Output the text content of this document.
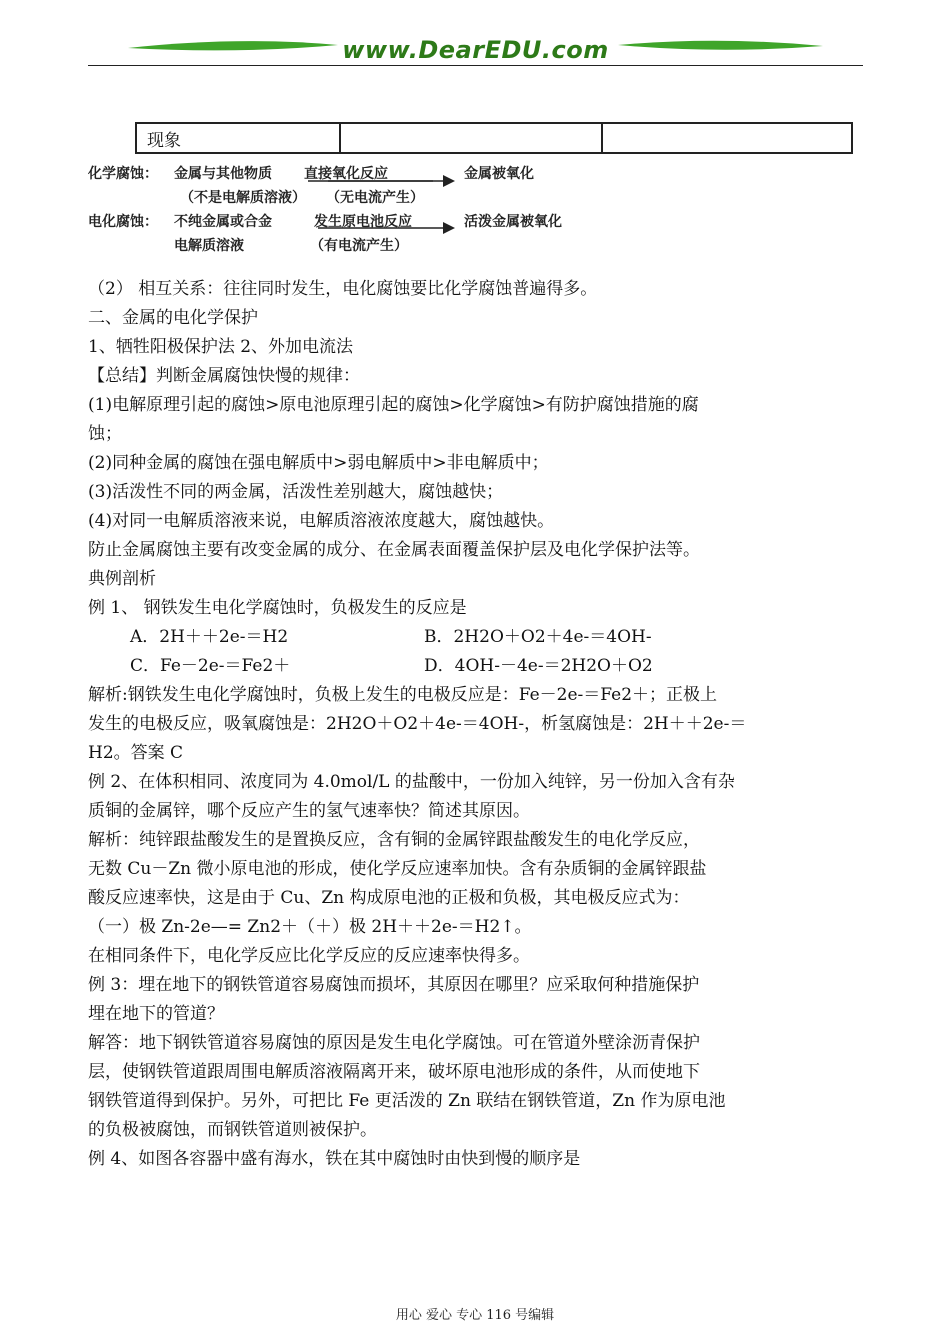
www.DearEDU.com
现象		
化学腐蚀： 金属与其他物质 直接氧化反应	金属被氧化
（不是电解质溶液） （无电流产生）
电化腐蚀： 不纯金属或合金	发生原电池反应	活泼金属被氧化
电解质溶液	（有电流产生）

（2） 相互关系：往往同时发生，电化腐蚀要比化学腐蚀普遍得多。

二、金属的电化学保护

1、牺牲阳极保护法 2、外加电流法

【总结】判断金属腐蚀快慢的规律：

(1)电解原理引起的腐蚀>原电池原理引起的腐蚀>化学腐蚀>有防护腐蚀措施的腐

蚀；

(2)同种金属的腐蚀在强电解质中>弱电解质中>非电解质中；

(3)活泼性不同的两金属，活泼性差别越大，腐蚀越快；

(4)对同一电解质溶液来说，电解质溶液浓度越大，腐蚀越快。

防止金属腐蚀主要有改变金属的成分、在金属表面覆盖保护层及电化学保护法等。

典例剖析

例 1、 钢铁发生电化学腐蚀时，负极发生的反应是

A．2H＋＋2e-＝H2	B．2H2O＋O2＋4e-＝4OH-

C．Fe－2e-＝Fe2＋	D．4OH-－4e-＝2H2O＋O2

解析:钢铁发生电化学腐蚀时，负极上发生的电极反应是：Fe－2e-＝Fe2＋；正极上

发生的电极反应，吸氧腐蚀是：2H2O＋O2＋4e-＝4OH-，析氢腐蚀是：2H＋＋2e-＝

H2。答案 C

例 2、在体积相同、浓度同为 4.0mol/L 的盐酸中，一份加入纯锌，另一份加入含有杂

质铜的金属锌，哪个反应产生的氢气速率快？简述其原因。

解析：纯锌跟盐酸发生的是置换反应，含有铜的金属锌跟盐酸发生的电化学反应，

无数 Cu－Zn 微小原电池的形成，使化学反应速率加快。含有杂质铜的金属锌跟盐

酸反应速率快，这是由于 Cu、Zn 构成原电池的正极和负极，其电极反应式为：

（一）极 Zn-2e—= Zn2＋（＋）极 2H＋＋2e-＝H2↑。

在相同条件下，电化学反应比化学反应的反应速率快得多。

例 3：埋在地下的钢铁管道容易腐蚀而损坏，其原因在哪里？应采取何种措施保护

埋在地下的管道？

解答：地下钢铁管道容易腐蚀的原因是发生电化学腐蚀。可在管道外壁涂沥青保护

层，使钢铁管道跟周围电解质溶液隔离开来，破坏原电池形成的条件，从而使地下

钢铁管道得到保护。另外，可把比 Fe 更活泼的 Zn 联结在钢铁管道，Zn 作为原电池

的负极被腐蚀，而钢铁管道则被保护。

例 4、如图各容器中盛有海水，铁在其中腐蚀时由快到慢的顺序是

用心 爱心 专心 116 号编辑
